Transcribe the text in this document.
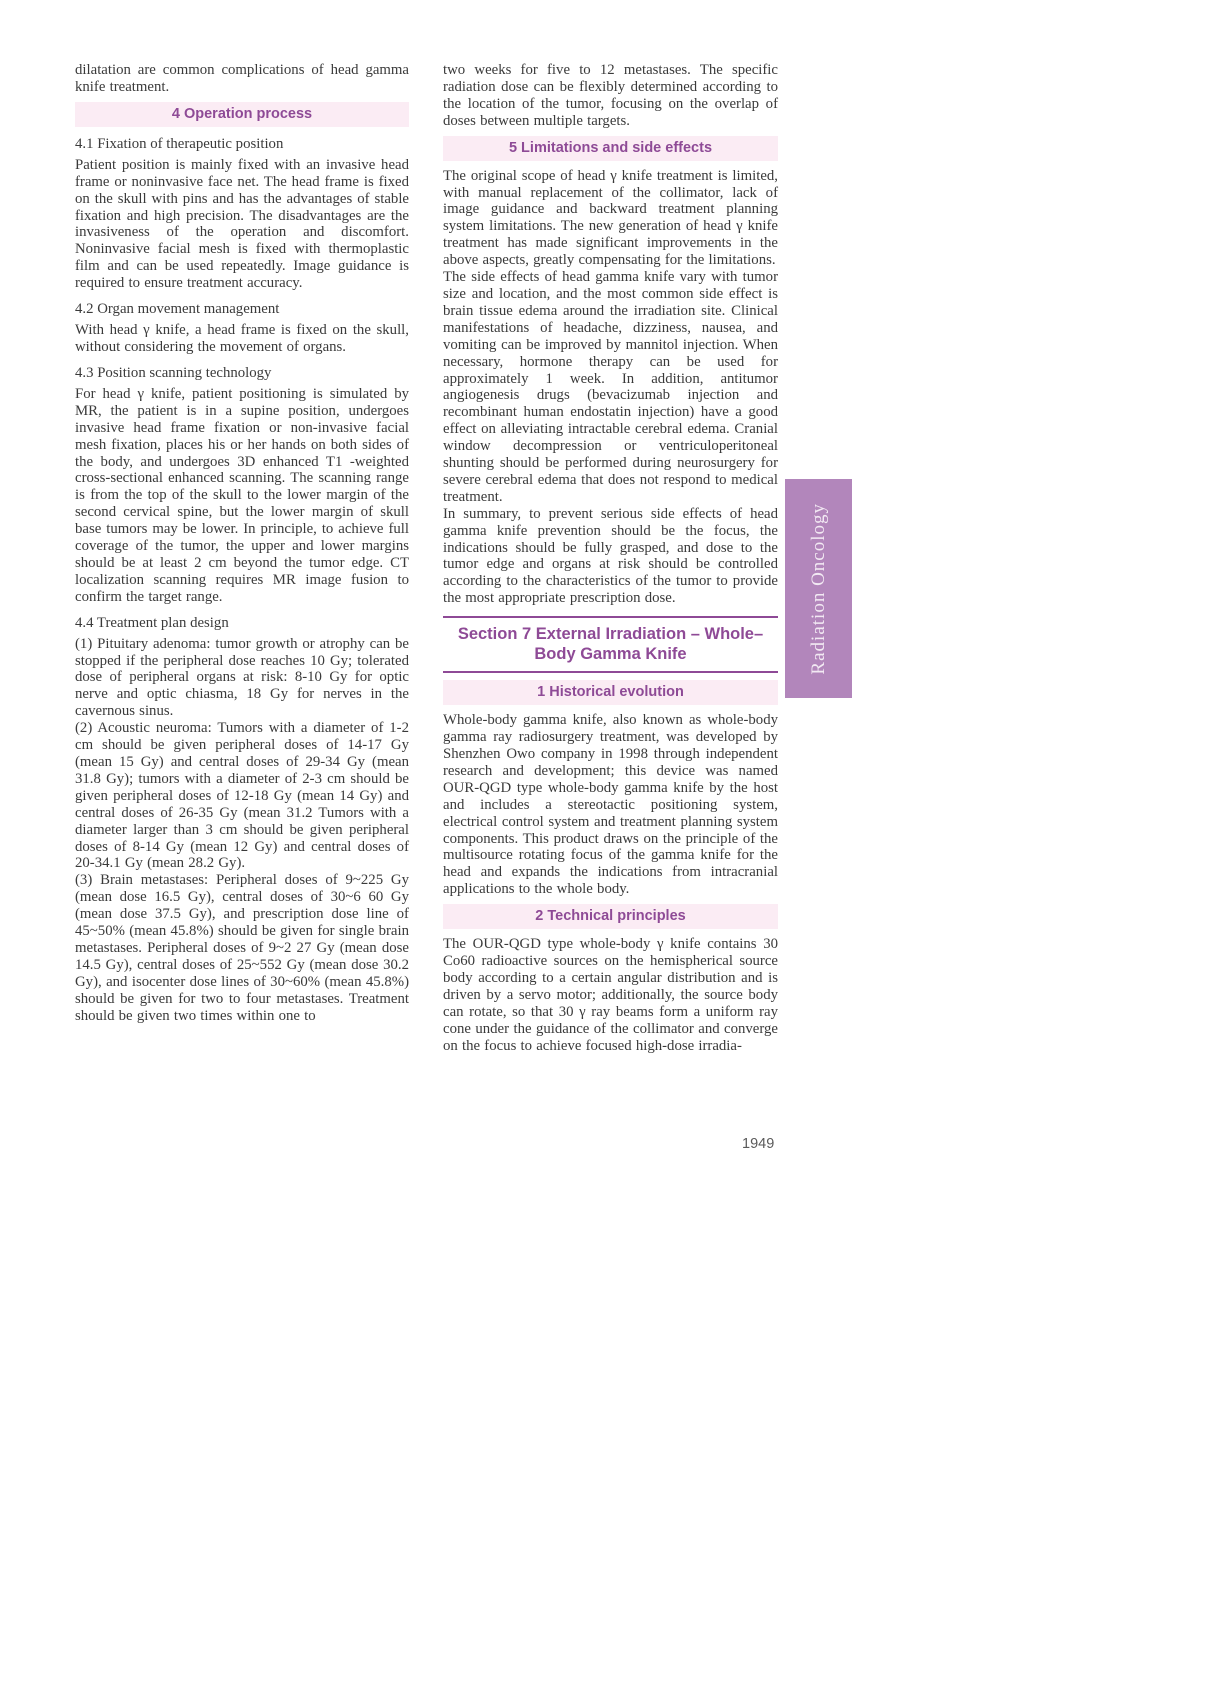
dilatation are common complications of head gamma knife treatment.
4 Operation process
4.1 Fixation of therapeutic position
Patient position is mainly fixed with an invasive head frame or noninvasive face net. The head frame is fixed on the skull with pins and has the advantages of stable fixation and high precision. The disadvantages are the invasiveness of the operation and discomfort. Noninvasive facial mesh is fixed with thermoplastic film and can be used repeatedly. Image guidance is required to ensure treatment accuracy.
4.2 Organ movement management
With head γ knife, a head frame is fixed on the skull, without considering the movement of organs.
4.3 Position scanning technology
For head γ knife, patient positioning is simulated by MR, the patient is in a supine position, undergoes invasive head frame fixation or non-invasive facial mesh fixation, places his or her hands on both sides of the body, and undergoes 3D enhanced T1 -weighted cross-sectional enhanced scanning. The scanning range is from the top of the skull to the lower margin of the second cervical spine, but the lower margin of skull base tumors may be lower. In principle, to achieve full coverage of the tumor, the upper and lower margins should be at least 2 cm beyond the tumor edge. CT localization scanning requires MR image fusion to confirm the target range.
4.4 Treatment plan design
(1) Pituitary adenoma: tumor growth or atrophy can be stopped if the peripheral dose reaches 10 Gy; tolerated dose of peripheral organs at risk: 8-10 Gy for optic nerve and optic chiasma, 18 Gy for nerves in the cavernous sinus.
(2) Acoustic neuroma: Tumors with a diameter of 1-2 cm should be given peripheral doses of 14-17 Gy (mean 15 Gy) and central doses of 29-34 Gy (mean 31.8 Gy); tumors with a diameter of 2-3 cm should be given peripheral doses of 12-18 Gy (mean 14 Gy) and central doses of 26-35 Gy (mean 31.2 Tumors with a diameter larger than 3 cm should be given peripheral doses of 8-14 Gy (mean 12 Gy) and central doses of 20-34.1 Gy (mean 28.2 Gy).
(3) Brain metastases: Peripheral doses of 9~225 Gy (mean dose 16.5 Gy), central doses of 30~6 60 Gy (mean dose 37.5 Gy), and prescription dose line of 45~50% (mean 45.8%) should be given for single brain metastases. Peripheral doses of 9~2 27 Gy (mean dose 14.5 Gy), central doses of 25~552 Gy (mean dose 30.2 Gy), and isocenter dose lines of 30~60% (mean 45.8%) should be given for two to four metastases. Treatment should be given two times within one to
two weeks for five to 12 metastases. The specific radiation dose can be flexibly determined according to the location of the tumor, focusing on the overlap of doses between multiple targets.
5 Limitations and side effects
The original scope of head γ knife treatment is limited, with manual replacement of the collimator, lack of image guidance and backward treatment planning system limitations. The new generation of head γ knife treatment has made significant improvements in the above aspects, greatly compensating for the limitations.
The side effects of head gamma knife vary with tumor size and location, and the most common side effect is brain tissue edema around the irradiation site. Clinical manifestations of headache, dizziness, nausea, and vomiting can be improved by mannitol injection. When necessary, hormone therapy can be used for approximately 1 week. In addition, antitumor angiogenesis drugs (bevacizumab injection and recombinant human endostatin injection) have a good effect on alleviating intractable cerebral edema. Cranial window decompression or ventriculoperitoneal shunting should be performed during neurosurgery for severe cerebral edema that does not respond to medical treatment.
In summary, to prevent serious side effects of head gamma knife prevention should be the focus, the indications should be fully grasped, and dose to the tumor edge and organs at risk should be controlled according to the characteristics of the tumor to provide the most appropriate prescription dose.
Section 7 External Irradiation – Whole–
Body Gamma Knife
1 Historical evolution
Whole-body gamma knife, also known as whole-body gamma ray radiosurgery treatment, was developed by Shenzhen Owo company in 1998 through independent research and development; this device was named OUR-QGD type whole-body gamma knife by the host and includes a stereotactic positioning system, electrical control system and treatment planning system components. This product draws on the principle of the multisource rotating focus of the gamma knife for the head and expands the indications from intracranial applications to the whole body.
2 Technical principles
The OUR-QGD type whole-body γ knife contains 30 Co60 radioactive sources on the hemispherical source body according to a certain angular distribution and is driven by a servo motor; additionally, the source body can rotate, so that 30 γ ray beams form a uniform ray cone under the guidance of the collimator and converge on the focus to achieve focused high-dose irradia-
Radiation Oncology
1949
